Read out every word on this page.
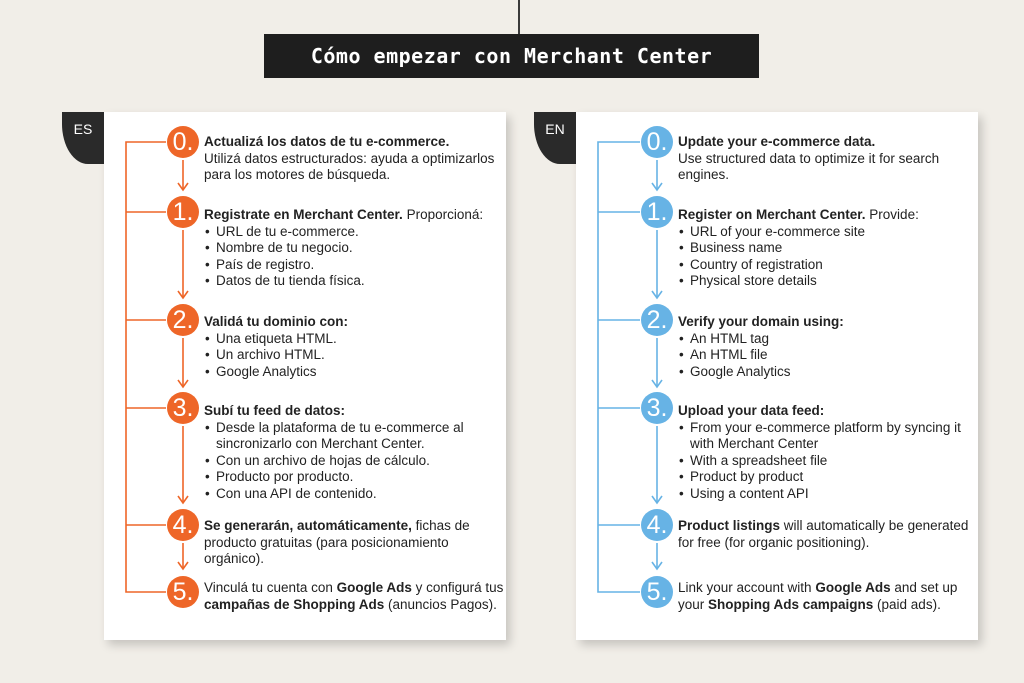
Cómo empezar con Merchant Center
ES	EN
0. Actualizá los datos de tu e-commerce.
Utilizá datos estructurados: ayuda a optimizarlos para los motores de búsqueda.
1. Registrate en Merchant Center. Proporcioná:
• URL de tu e-commerce.
• Nombre de tu negocio.
• País de registro.
• Datos de tu tienda física.
2. Validá tu dominio con:
• Una etiqueta HTML.
• Un archivo HTML.
• Google Analytics
3. Subí tu feed de datos:
• Desde la plataforma de tu e-commerce al sincronizarlo con Merchant Center.
• Con un archivo de hojas de cálculo.
• Producto por producto.
• Con una API de contenido.
4. Se generarán, automáticamente, fichas de producto gratuitas (para posicionamiento orgánico).
5. Vinculá tu cuenta con Google Ads y configurá tus campañas de Shopping Ads (anuncios Pagos).
0. Update your e-commerce data.
Use structured data to optimize it for search engines.
1. Register on Merchant Center. Provide:
• URL of your e-commerce site
• Business name
• Country of registration
• Physical store details
2. Verify your domain using:
• An HTML tag
• An HTML file
• Google Analytics
3. Upload your data feed:
• From your e-commerce platform by syncing it with Merchant Center
• With a spreadsheet file
• Product by product
• Using a content API
4. Product listings will automatically be generated for free (for organic positioning).
5. Link your account with Google Ads and set up your Shopping Ads campaigns (paid ads).
